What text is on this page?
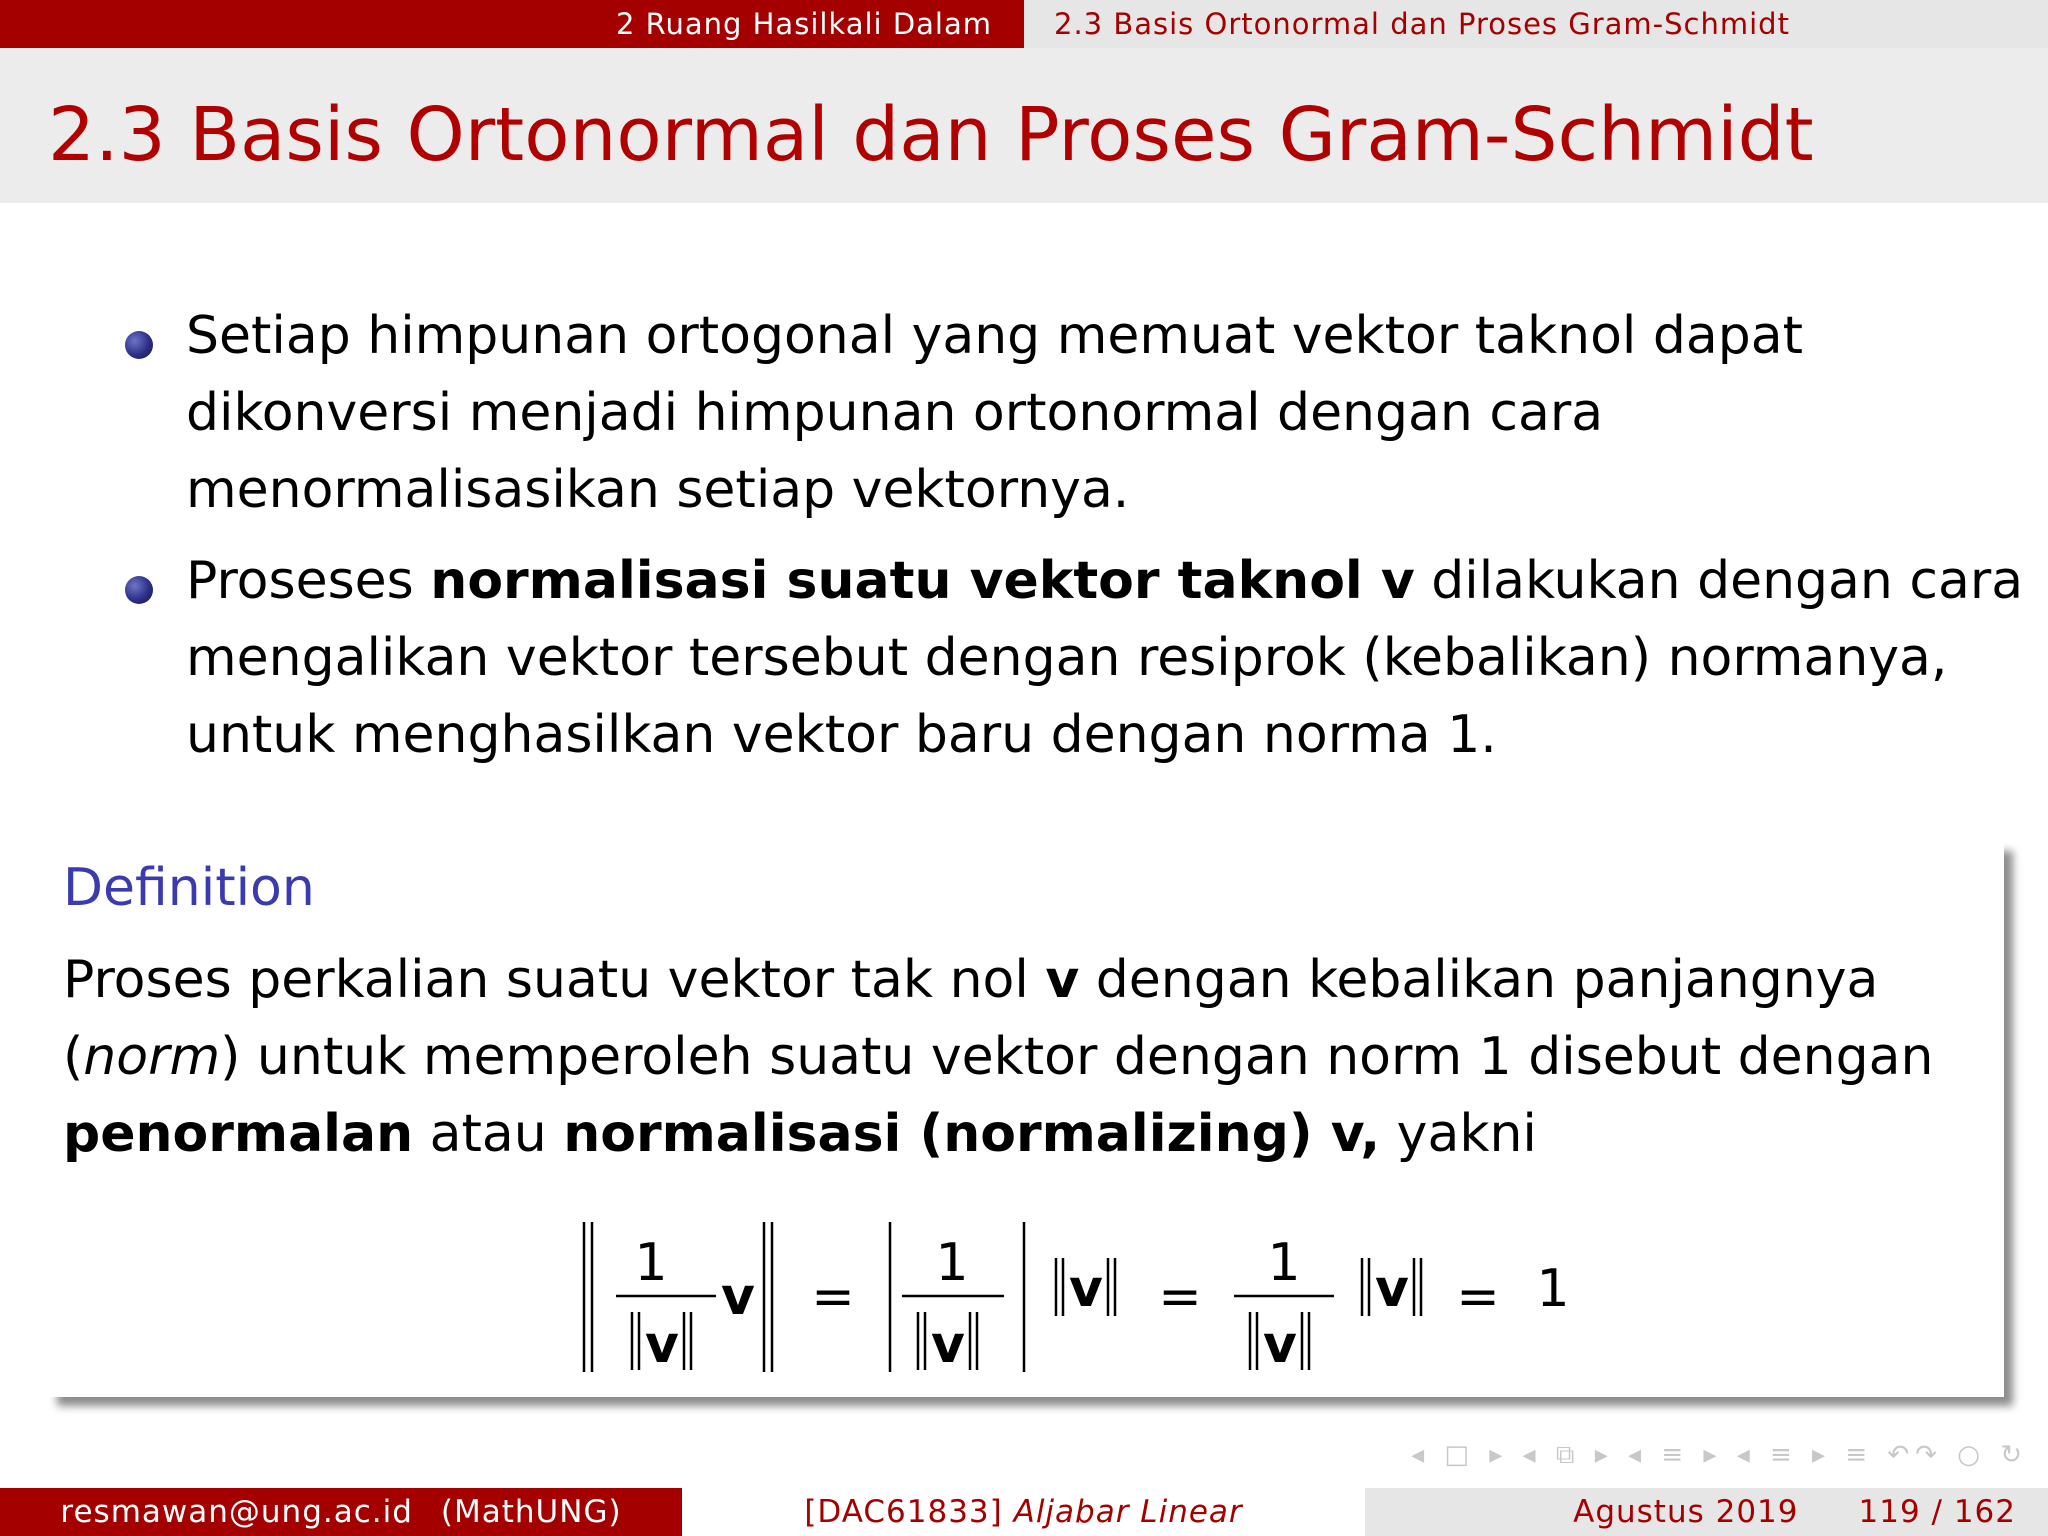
2 Ruang Hasilkali Dalam	2.3 Basis Ortonormal dan Proses Gram-Schmidt
2.3 Basis Ortonormal dan Proses Gram-Schmidt
Setiap himpunan ortogonal yang memuat vektor taknol dapat
dikonversi menjadi himpunan ortonormal dengan cara
menormalisasikan setiap vektornya.
Proseses normalisasi suatu vektor taknol v dilakukan dengan cara
mengalikan vektor tersebut dengan resiprok (kebalikan) normanya,
untuk menghasilkan vektor baru dengan norma 1.
Definition
Proses perkalian suatu vektor tak nol v dengan kebalikan panjangnya
(norm) untuk memperoleh suatu vektor dengan norm 1 disebut dengan
penormalan atau normalisasi (normalizing) v, yakni
1
v
v =
1
v
v =
1
v
v = 1
◂ □ ▸ ◂ ⧉ ▸ ◂ ≡ ▸ ◂ ≡ ▸ ≡ ↶↷ ○ ↻
resmawan@ung.ac.id (MathUNG)	[DAC61833]
Aljabar Linear	Agustus 2019 119 / 162
